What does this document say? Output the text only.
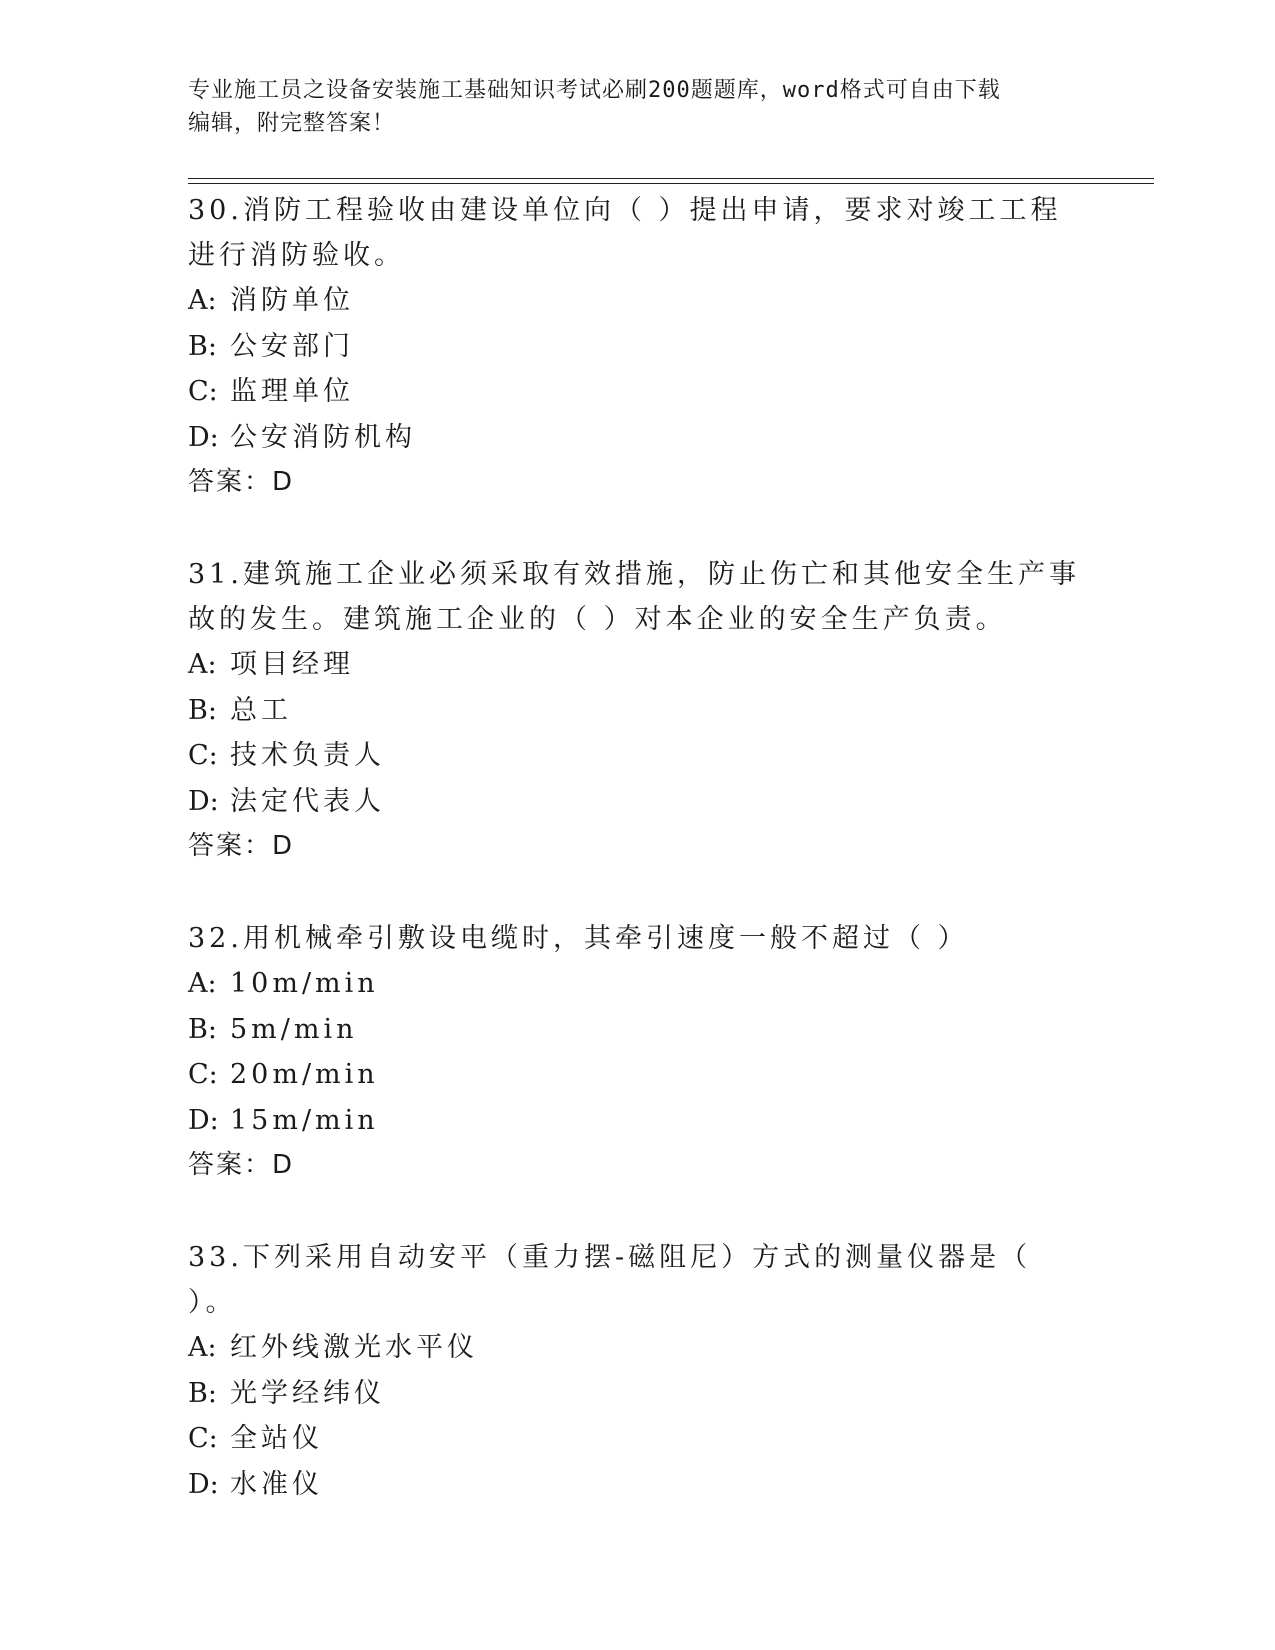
专业施工员之设备安装施工基础知识考试必刷200题题库，word格式可自由下载
编辑，附完整答案！

30.消防工程验收由建设单位向（ ）提出申请，要求对竣工工程进行消防验收。

A: 消防单位

B: 公安部门

C: 监理单位

D: 公安消防机构

答案：D

31.建筑施工企业必须采取有效措施，防止伤亡和其他安全生产事故的发生。建筑施工企业的（ ）对本企业的安全生产负责。

A: 项目经理

B: 总工

C: 技术负责人

D: 法定代表人

答案：D

32.用机械牵引敷设电缆时，其牵引速度一般不超过（ ）

A: 10m/min

B: 5m/min

C: 20m/min

D: 15m/min

答案：D

33.下列采用自动安平（重力摆-磁阻尼）方式的测量仪器是（ ）。

A: 红外线激光水平仪

B: 光学经纬仪

C: 全站仪

D: 水准仪
